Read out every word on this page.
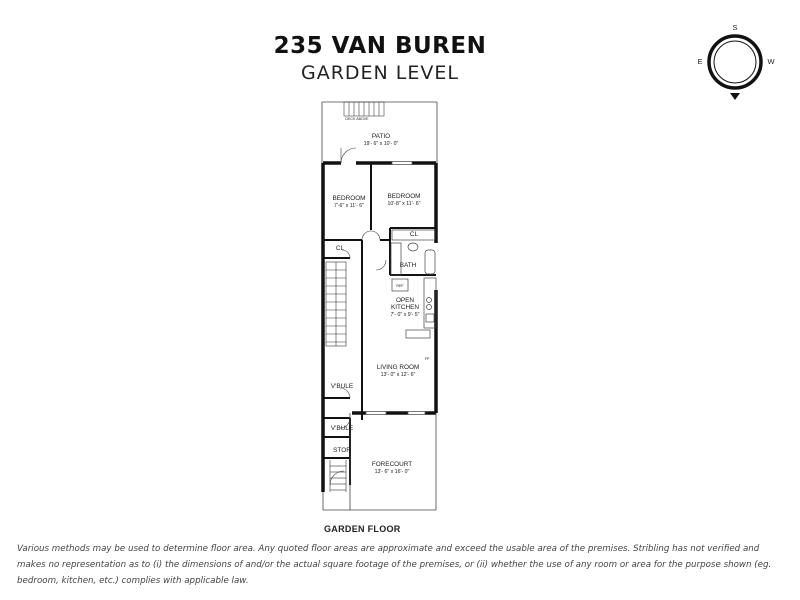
235 VAN BUREN
GARDEN LEVEL
S
E	W
DECK ABOVE
PATIO
19'- 6" x 10'- 0"
BEDROOM
7'-6" x 11'- 6"
BEDROOM
10'-8" x 11'- 6"
CL
CL
BATH
REF
OPEN
KITCHEN
7'- 0" x 9'- 5"
FP
LIVING ROOM
13'- 0" x 12'- 6"
V'BULE
V'BULE
STOR
FORECOURT
13'- 6" x 16'- 0"
GARDEN FLOOR
Various methods may be used to determine floor area. Any quoted floor areas are approximate and exceed the usable area of the premises. Stribling has not verified and makes no representation as to (i) the dimensions of and/or the actual square footage of the premises, or (ii) whether the use of any room or area for the purpose shown (eg. bedroom, kitchen, etc.) complies with applicable law.
